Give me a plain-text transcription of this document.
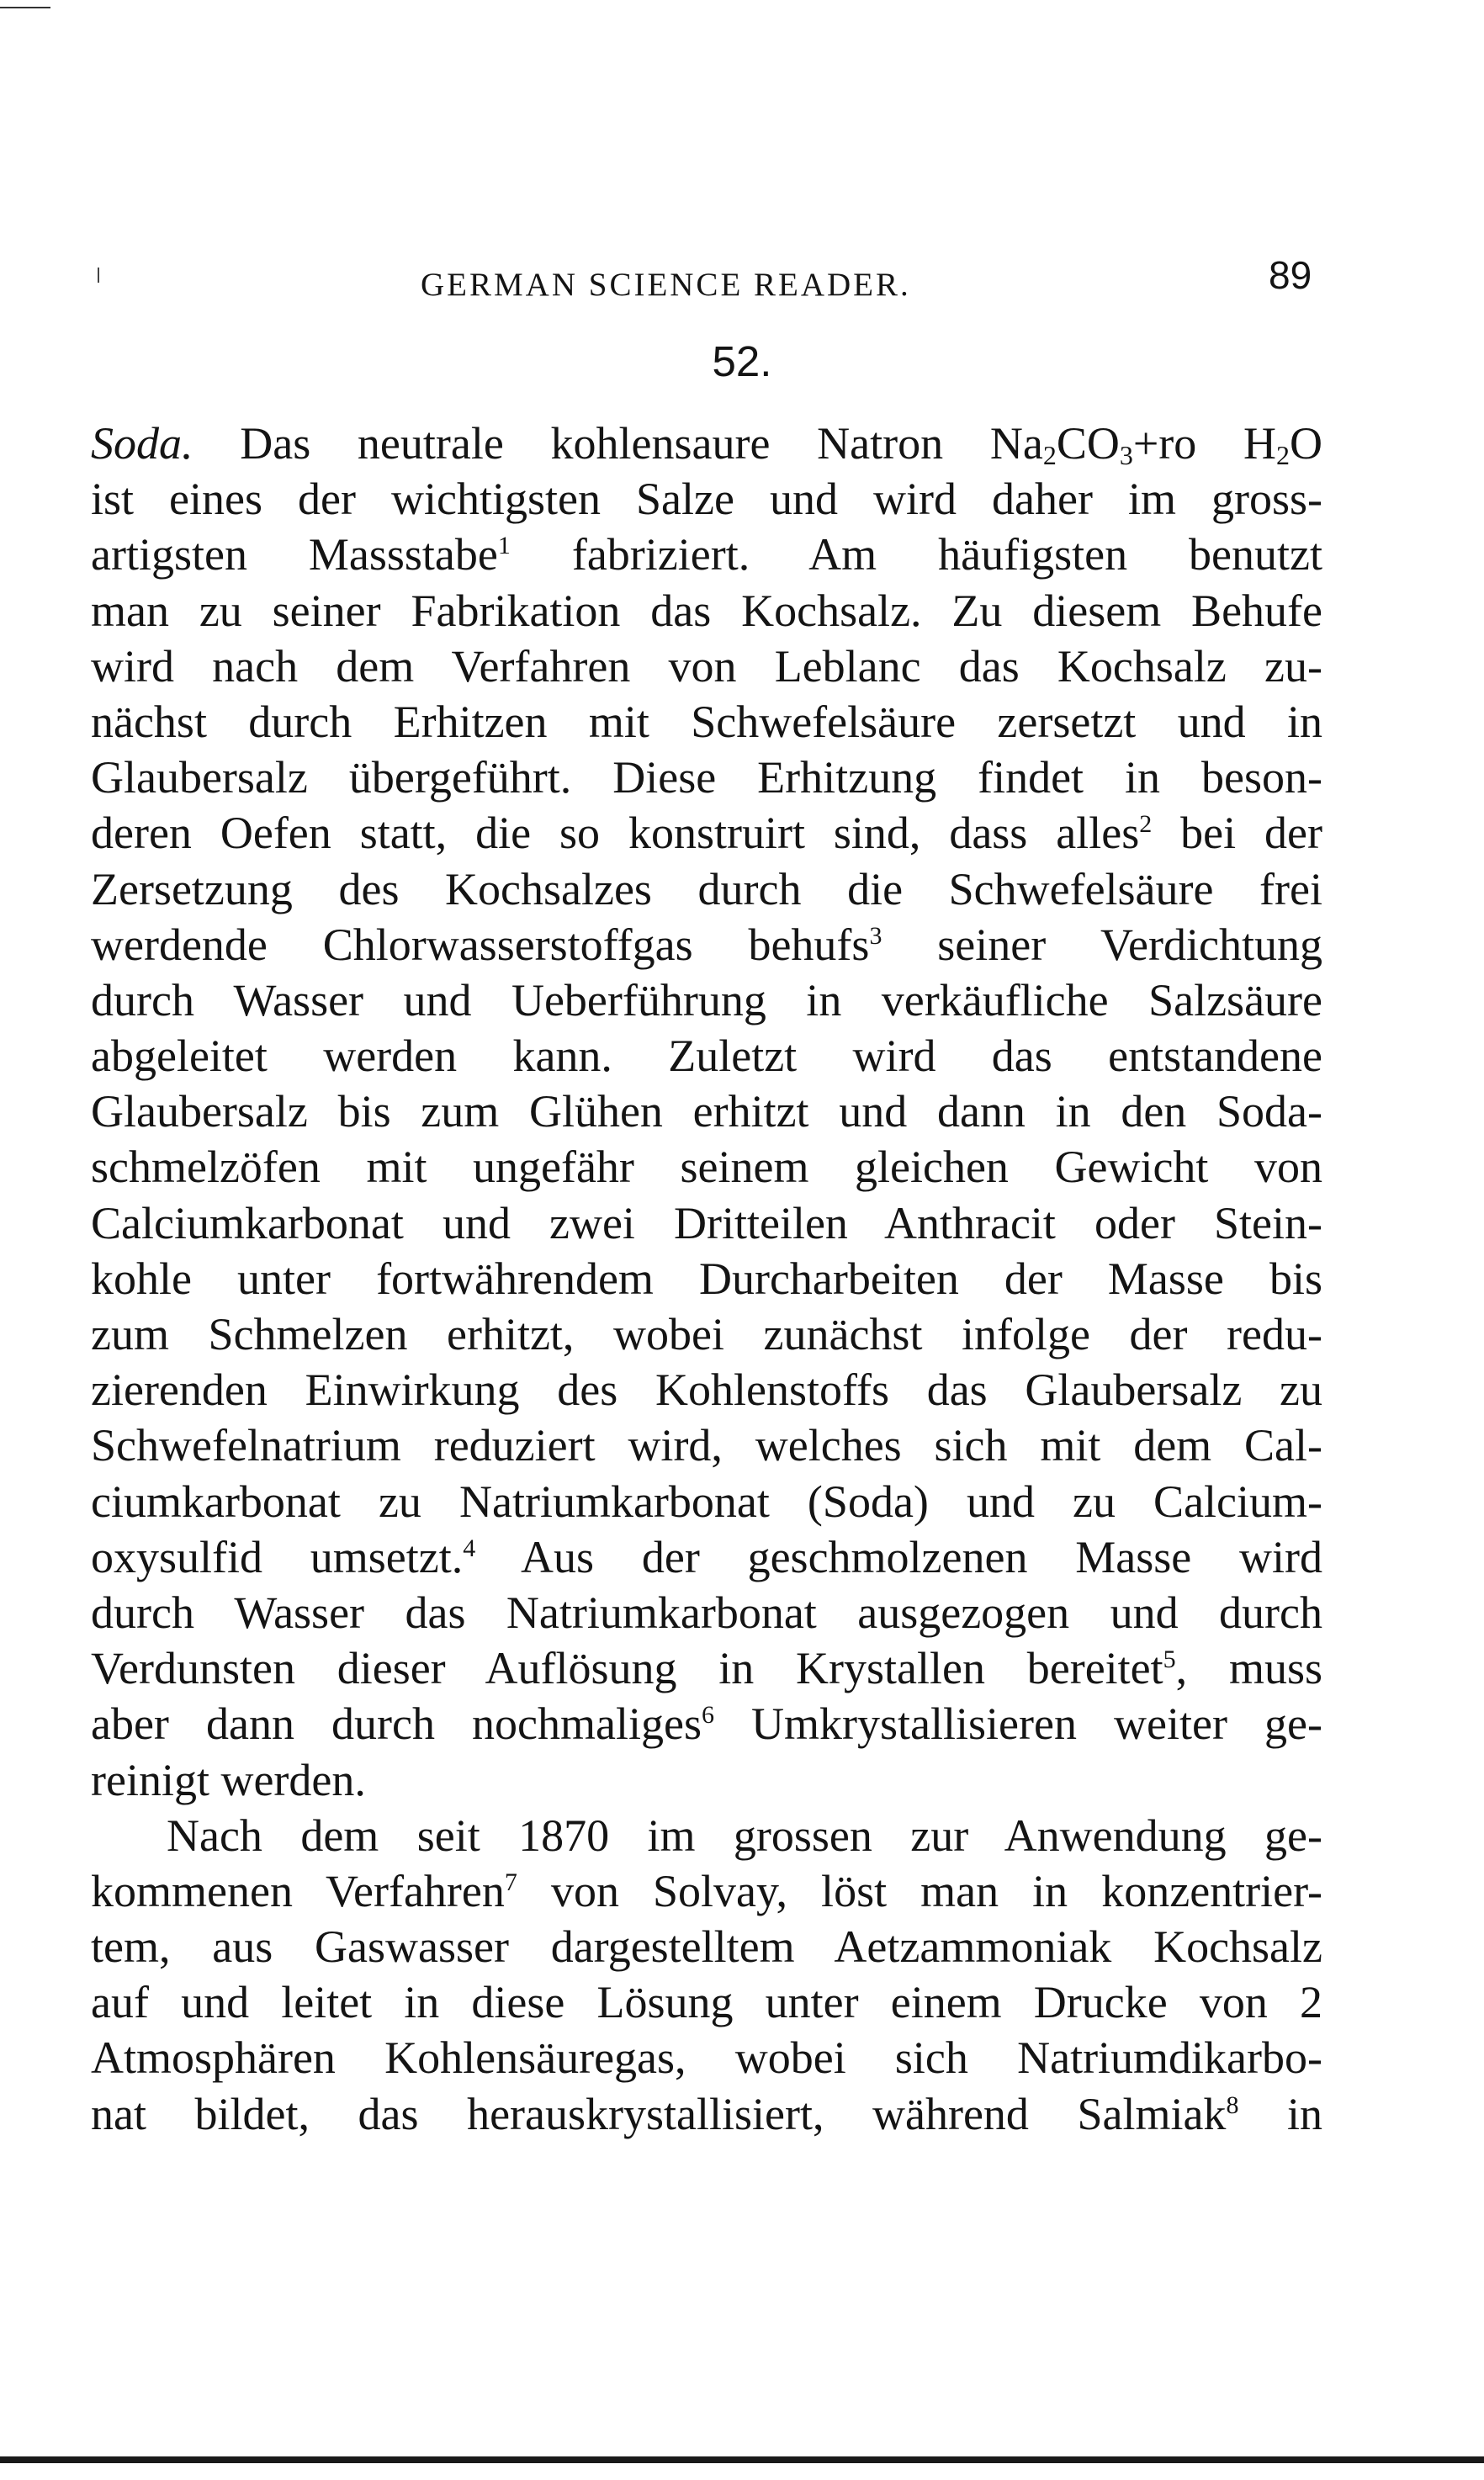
GERMAN SCIENCE READER.	89
52.
Soda. Das neutrale kohlensaure Natron $Na_2CO_3+ro$ $H_2O$
ist eines der wichtigsten Salze und wird daher im gross-
artigsten Massstabe$^1$ fabriziert. Am häufigsten benutzt
man zu seiner Fabrikation das Kochsalz. Zu diesem Behufe
wird nach dem Verfahren von Leblanc das Kochsalz zu-
nächst durch Erhitzen mit Schwefelsäure zersetzt und in
Glaubersalz übergeführt. Diese Erhitzung findet in beson-
deren Oefen statt, die so konstruirt sind, dass alles$^2$ bei der
Zersetzung des Kochsalzes durch die Schwefelsäure frei
werdende Chlorwasserstoffgas behufs$^3$ seiner Verdichtung
durch Wasser und Ueberführung in verkäufliche Salzsäure
abgeleitet werden kann. Zuletzt wird das entstandene
Glaubersalz bis zum Glühen erhitzt und dann in den Soda-
schmelzöfen mit ungefähr seinem gleichen Gewicht von
Calciumkarbonat und zwei Dritteilen Anthracit oder Stein-
kohle unter fortwährendem Durcharbeiten der Masse bis
zum Schmelzen erhitzt, wobei zunächst infolge der redu-
zierenden Einwirkung des Kohlenstoffs das Glaubersalz zu
Schwefelnatrium reduziert wird, welches sich mit dem Cal-
ciumkarbonat zu Natriumkarbonat (Soda) und zu Calcium-
oxysulfid umsetzt.$^4$ Aus der geschmolzenen Masse wird
durch Wasser das Natriumkarbonat ausgezogen und durch
Verdunsten dieser Auflösung in Krystallen bereitet$^5$, muss
aber dann durch nochmaliges$^6$ Umkrystallisieren weiter ge-
reinigt werden.
Nach dem seit 1870 im grossen zur Anwendung ge-
kommenen Verfahren$^7$ von Solvay, löst man in konzentrier-
tem, aus Gaswasser dargestelltem Aetzammoniak Kochsalz
auf und leitet in diese Lösung unter einem Drucke von 2
Atmosphären Kohlensäuregas, wobei sich Natriumdikarbo-
nat bildet, das herauskrystallisiert, während Salmiak$^8$ in
